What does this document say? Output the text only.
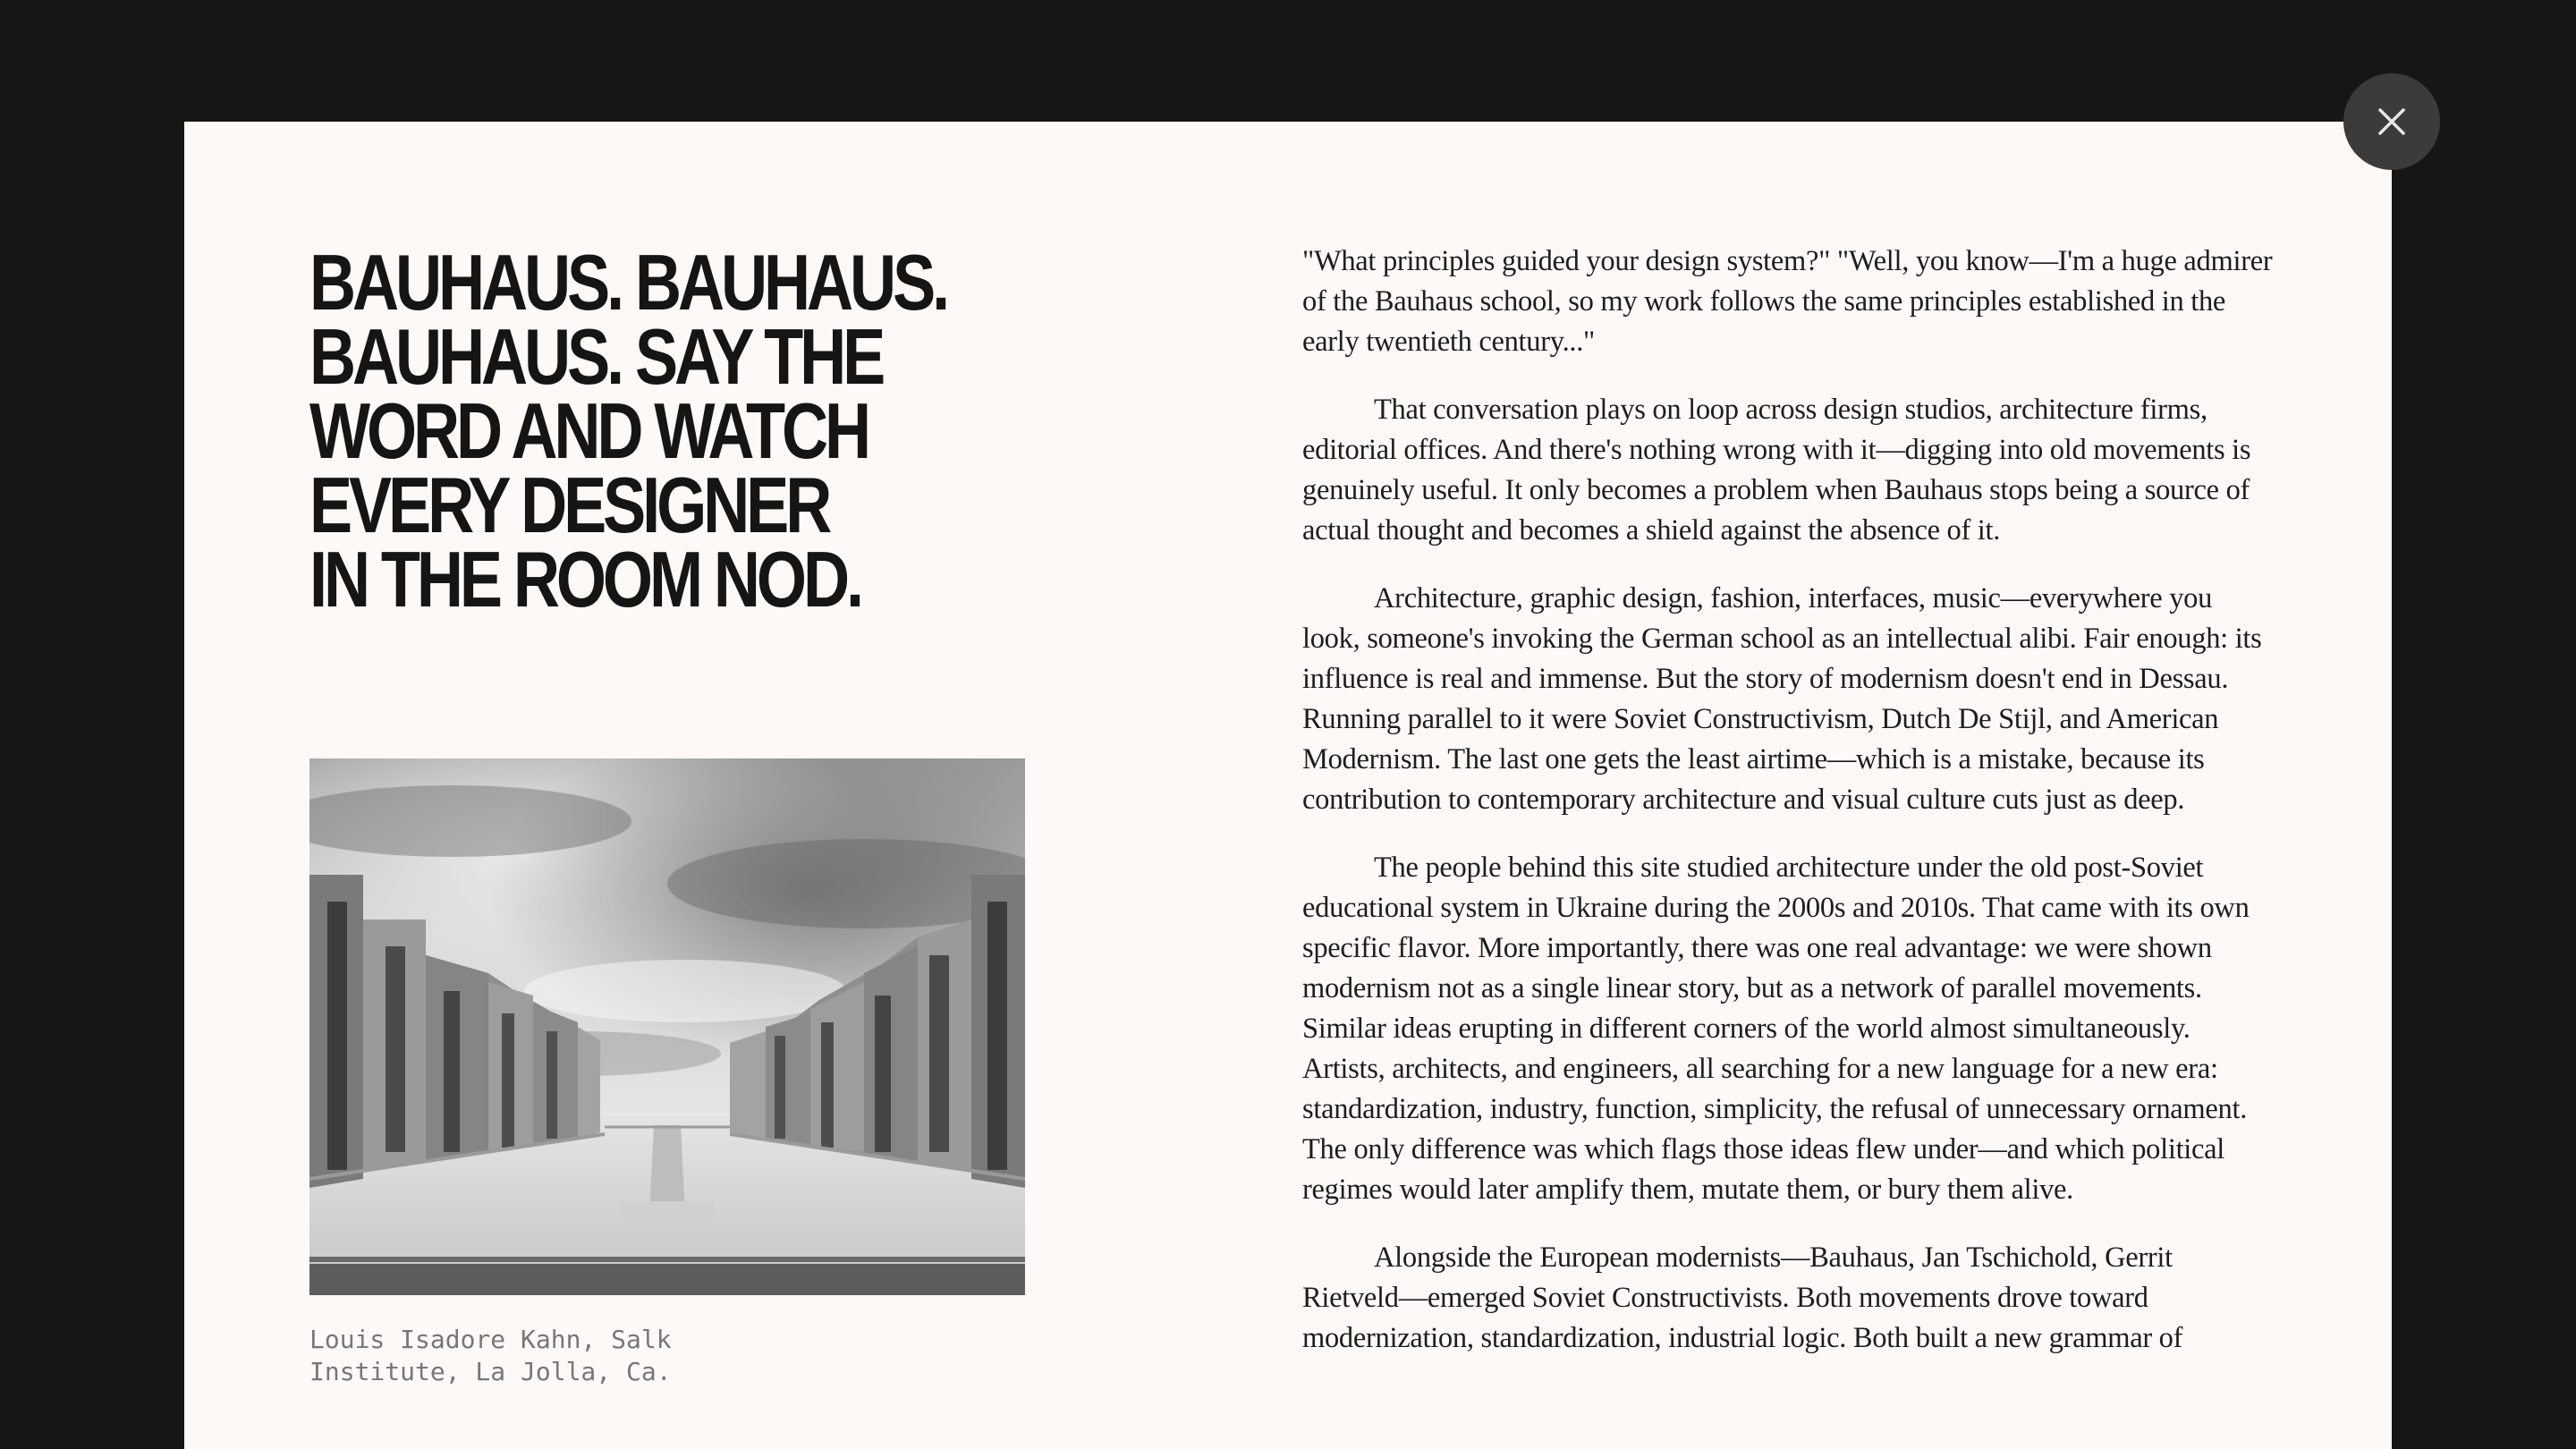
BAUHAUS. BAUHAUS.
BAUHAUS. SAY THE
WORD AND WATCH
EVERY DESIGNER
IN THE ROOM NOD.

Louis Isadore Kahn, Salk
Institute, La Jolla, Ca.

"What principles guided your design system?" "Well, you know—I'm a huge admirer of the Bauhaus school, so my work follows the same principles established in the early twentieth century..."

That conversation plays on loop across design studios, architecture firms, editorial offices. And there's nothing wrong with it—digging into old movements is genuinely useful. It only becomes a problem when Bauhaus stops being a source of actual thought and becomes a shield against the absence of it.

Architecture, graphic design, fashion, interfaces, music—everywhere you look, someone's invoking the German school as an intellectual alibi. Fair enough: its influence is real and immense. But the story of modernism doesn't end in Dessau. Running parallel to it were Soviet Constructivism, Dutch De Stijl, and American Modernism. The last one gets the least airtime—which is a mistake, because its contribution to contemporary architecture and visual culture cuts just as deep.

The people behind this site studied architecture under the old post-Soviet educational system in Ukraine during the 2000s and 2010s. That came with its own specific flavor. More importantly, there was one real advantage: we were shown modernism not as a single linear story, but as a network of parallel movements. Similar ideas erupting in different corners of the world almost simultaneously. Artists, architects, and engineers, all searching for a new language for a new era: standardization, industry, function, simplicity, the refusal of unnecessary ornament. The only difference was which flags those ideas flew under—and which political regimes would later amplify them, mutate them, or bury them alive.

Alongside the European modernists—Bauhaus, Jan Tschichold, Gerrit Rietveld—emerged Soviet Constructivists. Both movements drove toward modernization, standardization, industrial logic. Both built a new grammar of
